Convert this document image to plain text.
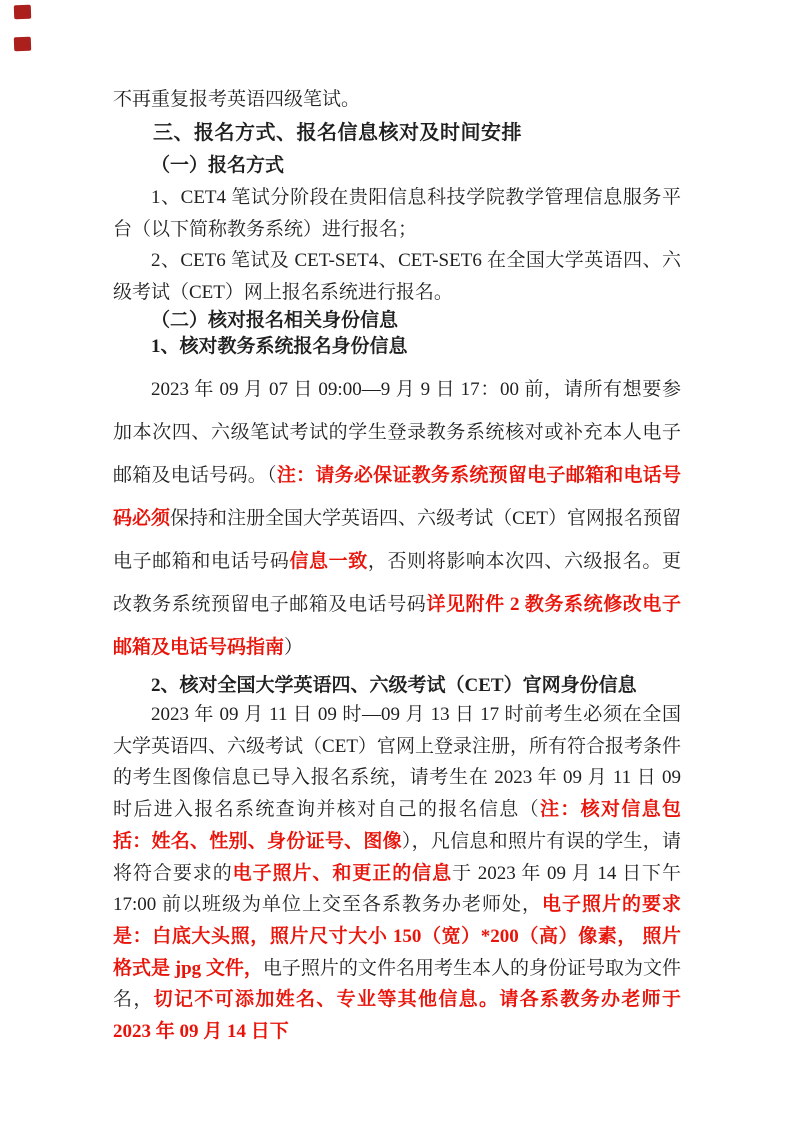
不再重复报考英语四级笔试。

三、报名方式、报名信息核对及时间安排

（一）报名方式

1、CET4 笔试分阶段在贵阳信息科技学院教学管理信息服务平台（以下简称教务系统）进行报名；

2、CET6 笔试及 CET-SET4、CET-SET6 在全国大学英语四、六级考试（CET）网上报名系统进行报名。

（二）核对报名相关身份信息

1、核对教务系统报名身份信息

2023 年 09 月 07 日 09:00—9 月 9 日 17：00 前，请所有想要参加本次四、六级笔试考试的学生登录教务系统核对或补充本人电子邮箱及电话号码。（注：请务必保证教务系统预留电子邮箱和电话号码必须保持和注册全国大学英语四、六级考试（CET）官网报名预留电子邮箱和电话号码信息一致，否则将影响本次四、六级报名。更改教务系统预留电子邮箱及电话号码详见附件 2 教务系统修改电子邮箱及电话号码指南）

2、核对全国大学英语四、六级考试（CET）官网身份信息

2023 年 09 月 11 日 09 时—09 月 13 日 17 时前考生必须在全国大学英语四、六级考试（CET）官网上登录注册，所有符合报考条件的考生图像信息已导入报名系统，请考生在 2023 年 09 月 11 日 09 时后进入报名系统查询并核对自己的报名信息（注：核对信息包括：姓名、性别、身份证号、图像），凡信息和照片有误的学生，请将符合要求的电子照片、和更正的信息于 2023 年 09 月 14 日下午 17:00 前以班级为单位上交至各系教务办老师处，电子照片的要求是：白底大头照，照片尺寸大小 150（宽）*200（高）像素， 照片格式是 jpg 文件，电子照片的文件名用考生本人的身份证号取为文件名，切记不可添加姓名、专业等其他信息。请各系教务办老师于 2023 年 09 月 14 日下
